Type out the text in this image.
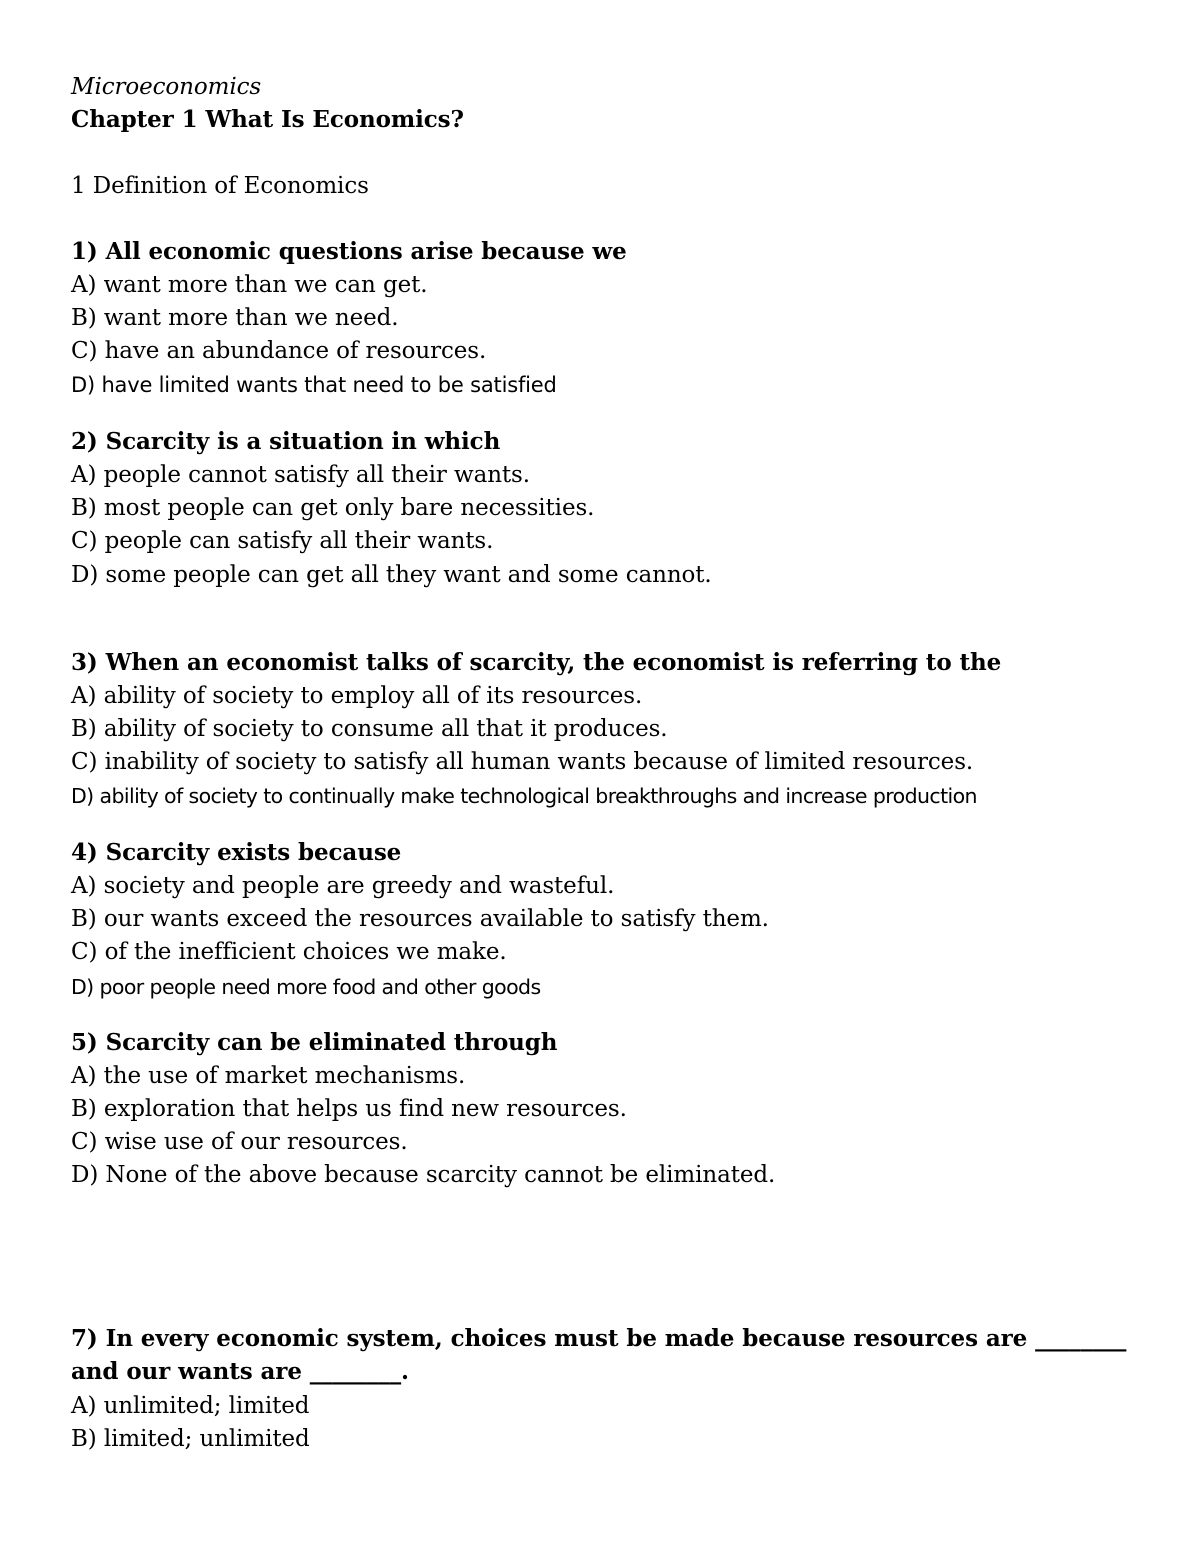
Microeconomics
Chapter 1 What Is Economics?
1 Definition of Economics
1) All economic questions arise because we
A) want more than we can get.
B) want more than we need.
C) have an abundance of resources.
D) have limited wants that need to be satisfied
2) Scarcity is a situation in which
A) people cannot satisfy all their wants.
B) most people can get only bare necessities.
C) people can satisfy all their wants.
D) some people can get all they want and some cannot.
3) When an economist talks of scarcity, the economist is referring to the
A) ability of society to employ all of its resources.
B) ability of society to consume all that it produces.
C) inability of society to satisfy all human wants because of limited resources.
D) ability of society to continually make technological breakthroughs and increase production
4) Scarcity exists because
A) society and people are greedy and wasteful.
B) our wants exceed the resources available to satisfy them.
C) of the inefficient choices we make.
D) poor people need more food and other goods
5) Scarcity can be eliminated through
A) the use of market mechanisms.
B) exploration that helps us find new resources.
C) wise use of our resources.
D) None of the above because scarcity cannot be eliminated.
7) In every economic system, choices must be made because resources are ________
and our wants are ________.
A) unlimited; limited
B) limited; unlimited
